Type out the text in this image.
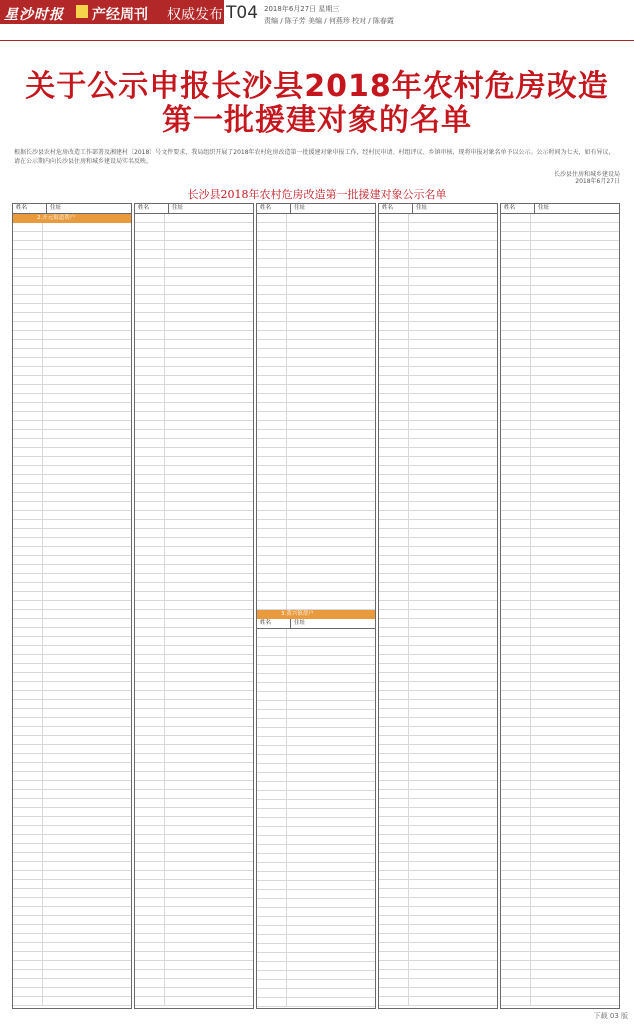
星沙时报 产经周刊 权威发布 T04 2018年6月27日 星期三
责编 / 陈子芳 美编 / 何燕珍 校对 / 陈春霞
关于公示申报长沙县2018年农村危房改造
第一批援建对象的名单
根据长沙县农村危房改造工作部署及湘建村〔2018〕号文件要求，我局组织开展了2018年农村危房改造第一批援建对象申报工作，经村民申请、村组评议、乡镇审核，现将申报对象名单予以公示。公示时间为七天，如有异议，请在公示期内向长沙县住房和城乡建设局实名反映。
长沙县住房和城乡建设局
2018年6月27日
长沙县2018年农村危房改造第一批援建对象公示名单
姓名	住址
2.开元街道帮户
姓名	住址	姓名	住址
3.黄兴镇帮户
姓名	住址
姓名	住址	姓名	住址
下载 03 版
